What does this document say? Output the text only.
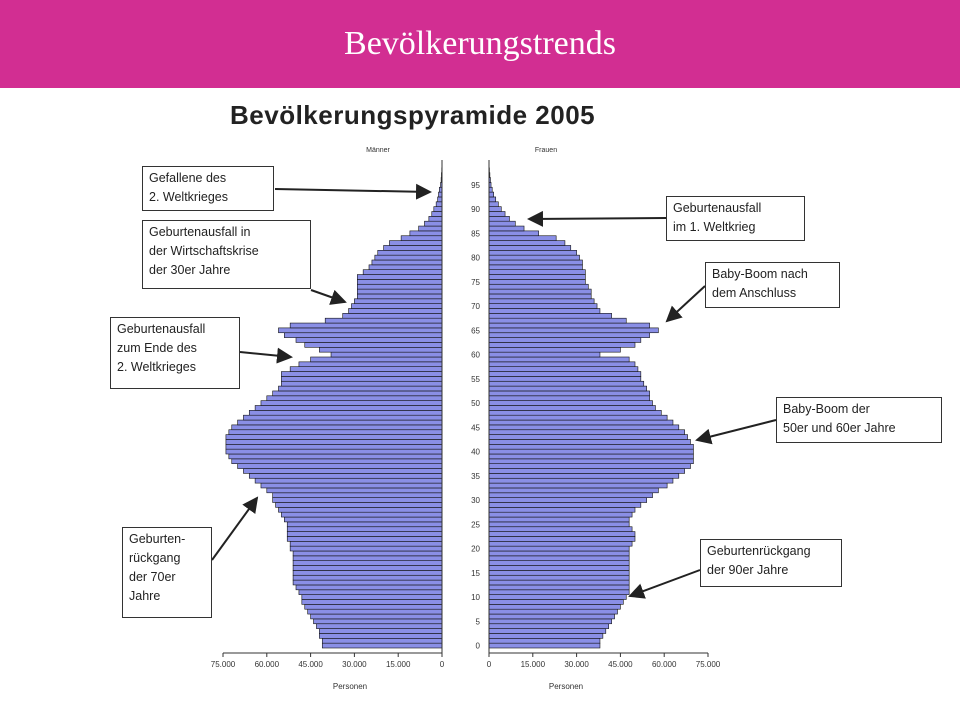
Bevölkerungstrends
Bevölkerungspyramide 2005
Männer	Frauen
75.000 60.000 45.000 30.000 15.000	0	0	15.000 30.000 45.000 60.000 75.000
0
5
10
15
20
25
30
35
40
45
50
55
60
65
70
75
80
85
90
95
Personen	Personen
Gefallene des
2. Weltkrieges
Geburtenausfall in
der Wirtschaftskrise
der 30er Jahre
Geburtenausfall
zum Ende des
2. Weltkrieges
Geburten-
rückgang
der 70er
Jahre
Geburtenausfall
im 1. Weltkrieg
Baby-Boom nach
dem Anschluss
Baby-Boom der
50er und 60er Jahre
Geburtenrückgang
der 90er Jahre
